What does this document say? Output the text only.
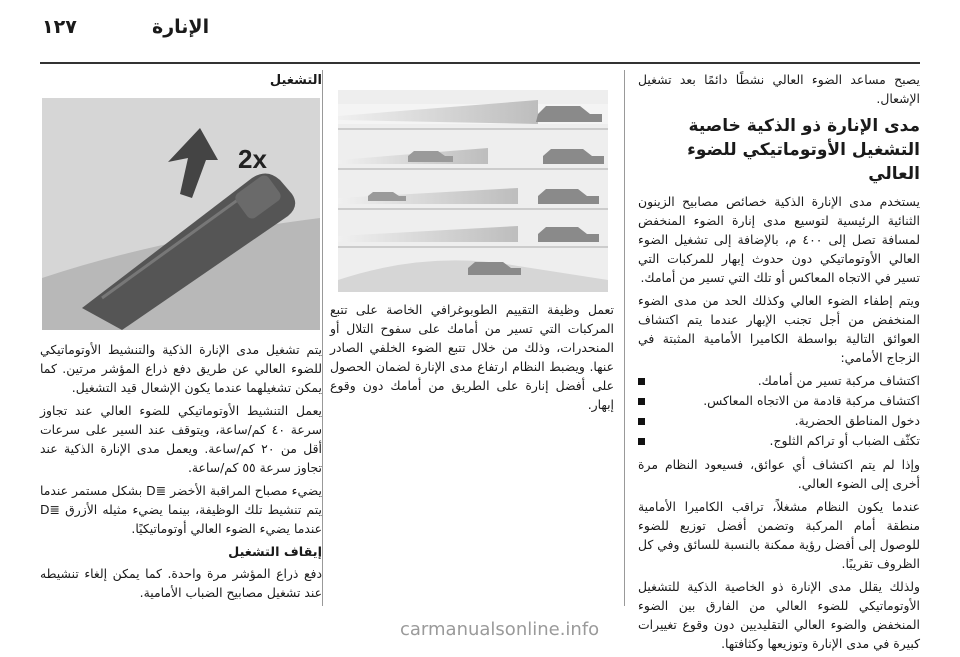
١٢٧	الإنارة

يصبح مساعد الضوء العالي نشطًا دائمًا بعد تشغيل الإشعال.

مدى الإنارة ذو الذكية خاصية التشغيل الأوتوماتيكي للضوء العالي

يستخدم مدى الإنارة الذكية خصائص مصابيح الزينون الثنائية الرئيسية لتوسيع مدى إنارة الضوء المنخفض لمسافة تصل إلى ٤٠٠ م، بالإضافة إلى تشغيل الضوء العالي الأوتوماتيكي دون حدوث إبهار للمركبات التي تسير في الاتجاه المعاكس أو تلك التي تسير من أمامك.

ويتم إطفاء الضوء العالي وكذلك الحد من مدى الضوء المنخفض من أجل تجنب الإبهار عندما يتم اكتشاف العوائق التالية بواسطة الكاميرا الأمامية المثبتة في الزجاج الأمامي:

اكتشاف مركبة تسير من أمامك.
اكتشاف مركبة قادمة من الاتجاه المعاكس.
دخول المناطق الحضرية.
تكثّف الضباب أو تراكم الثلوج.

وإذا لم يتم اكتشاف أي عوائق، فسيعود النظام مرة أخرى إلى الضوء العالي.

عندما يكون النظام مشغلاً، تراقب الكاميرا الأمامية منطقة أمام المركبة وتضمن أفضل توزيع للضوء للوصول إلى أفضل رؤية ممكنة بالنسبة للسائق وفي كل الظروف تقريبًا.

ولذلك يقلل مدى الإنارة ذو الخاصية الذكية للتشغيل الأوتوماتيكي للضوء العالي من الفارق بين الضوء المنخفض والضوء العالي التقليديين دون وقوع تغييرات كبيرة في مدى الإنارة وتوزيعها وكثافتها.

تعمل وظيفة التقييم الطوبوغرافي الخاصة على تتبع المركبات التي تسير من أمامك على سفوح التلال أو المنحدرات، وذلك من خلال تتبع الضوء الخلفي الصادر عنها. ويضبط النظام ارتفاع مدى الإنارة لضمان الحصول على أفضل إنارة على الطريق من أمامك دون وقوع إبهار.

التشغيل
2x

يتم تشغيل مدى الإنارة الذكية والتنشيط الأوتوماتيكي للضوء العالي عن طريق دفع ذراع المؤشر مرتين. كما يمكن تشغيلهما عندما يكون الإشعال قيد التشغيل.

يعمل التنشيط الأوتوماتيكي للضوء العالي عند تجاوز سرعة ٤٠ كم/ساعة، ويتوقف عند السير على سرعات أقل من ٢٠ كم/ساعة. ويعمل مدى الإنارة الذكية عند تجاوز سرعة ٥٥ كم/ساعة.

يضيء مصباح المراقبة الأخضر ≣D بشكل مستمر عندما يتم تنشيط تلك الوظيفة، بينما يضيء مثيله الأزرق ≣D عندما يضيء الضوء العالي أوتوماتيكيًا.

إيقاف التشغيل

دفع ذراع المؤشر مرة واحدة. كما يمكن إلغاء تنشيطه عند تشغيل مصابيح الضباب الأمامية.

carmanualsonline.info
